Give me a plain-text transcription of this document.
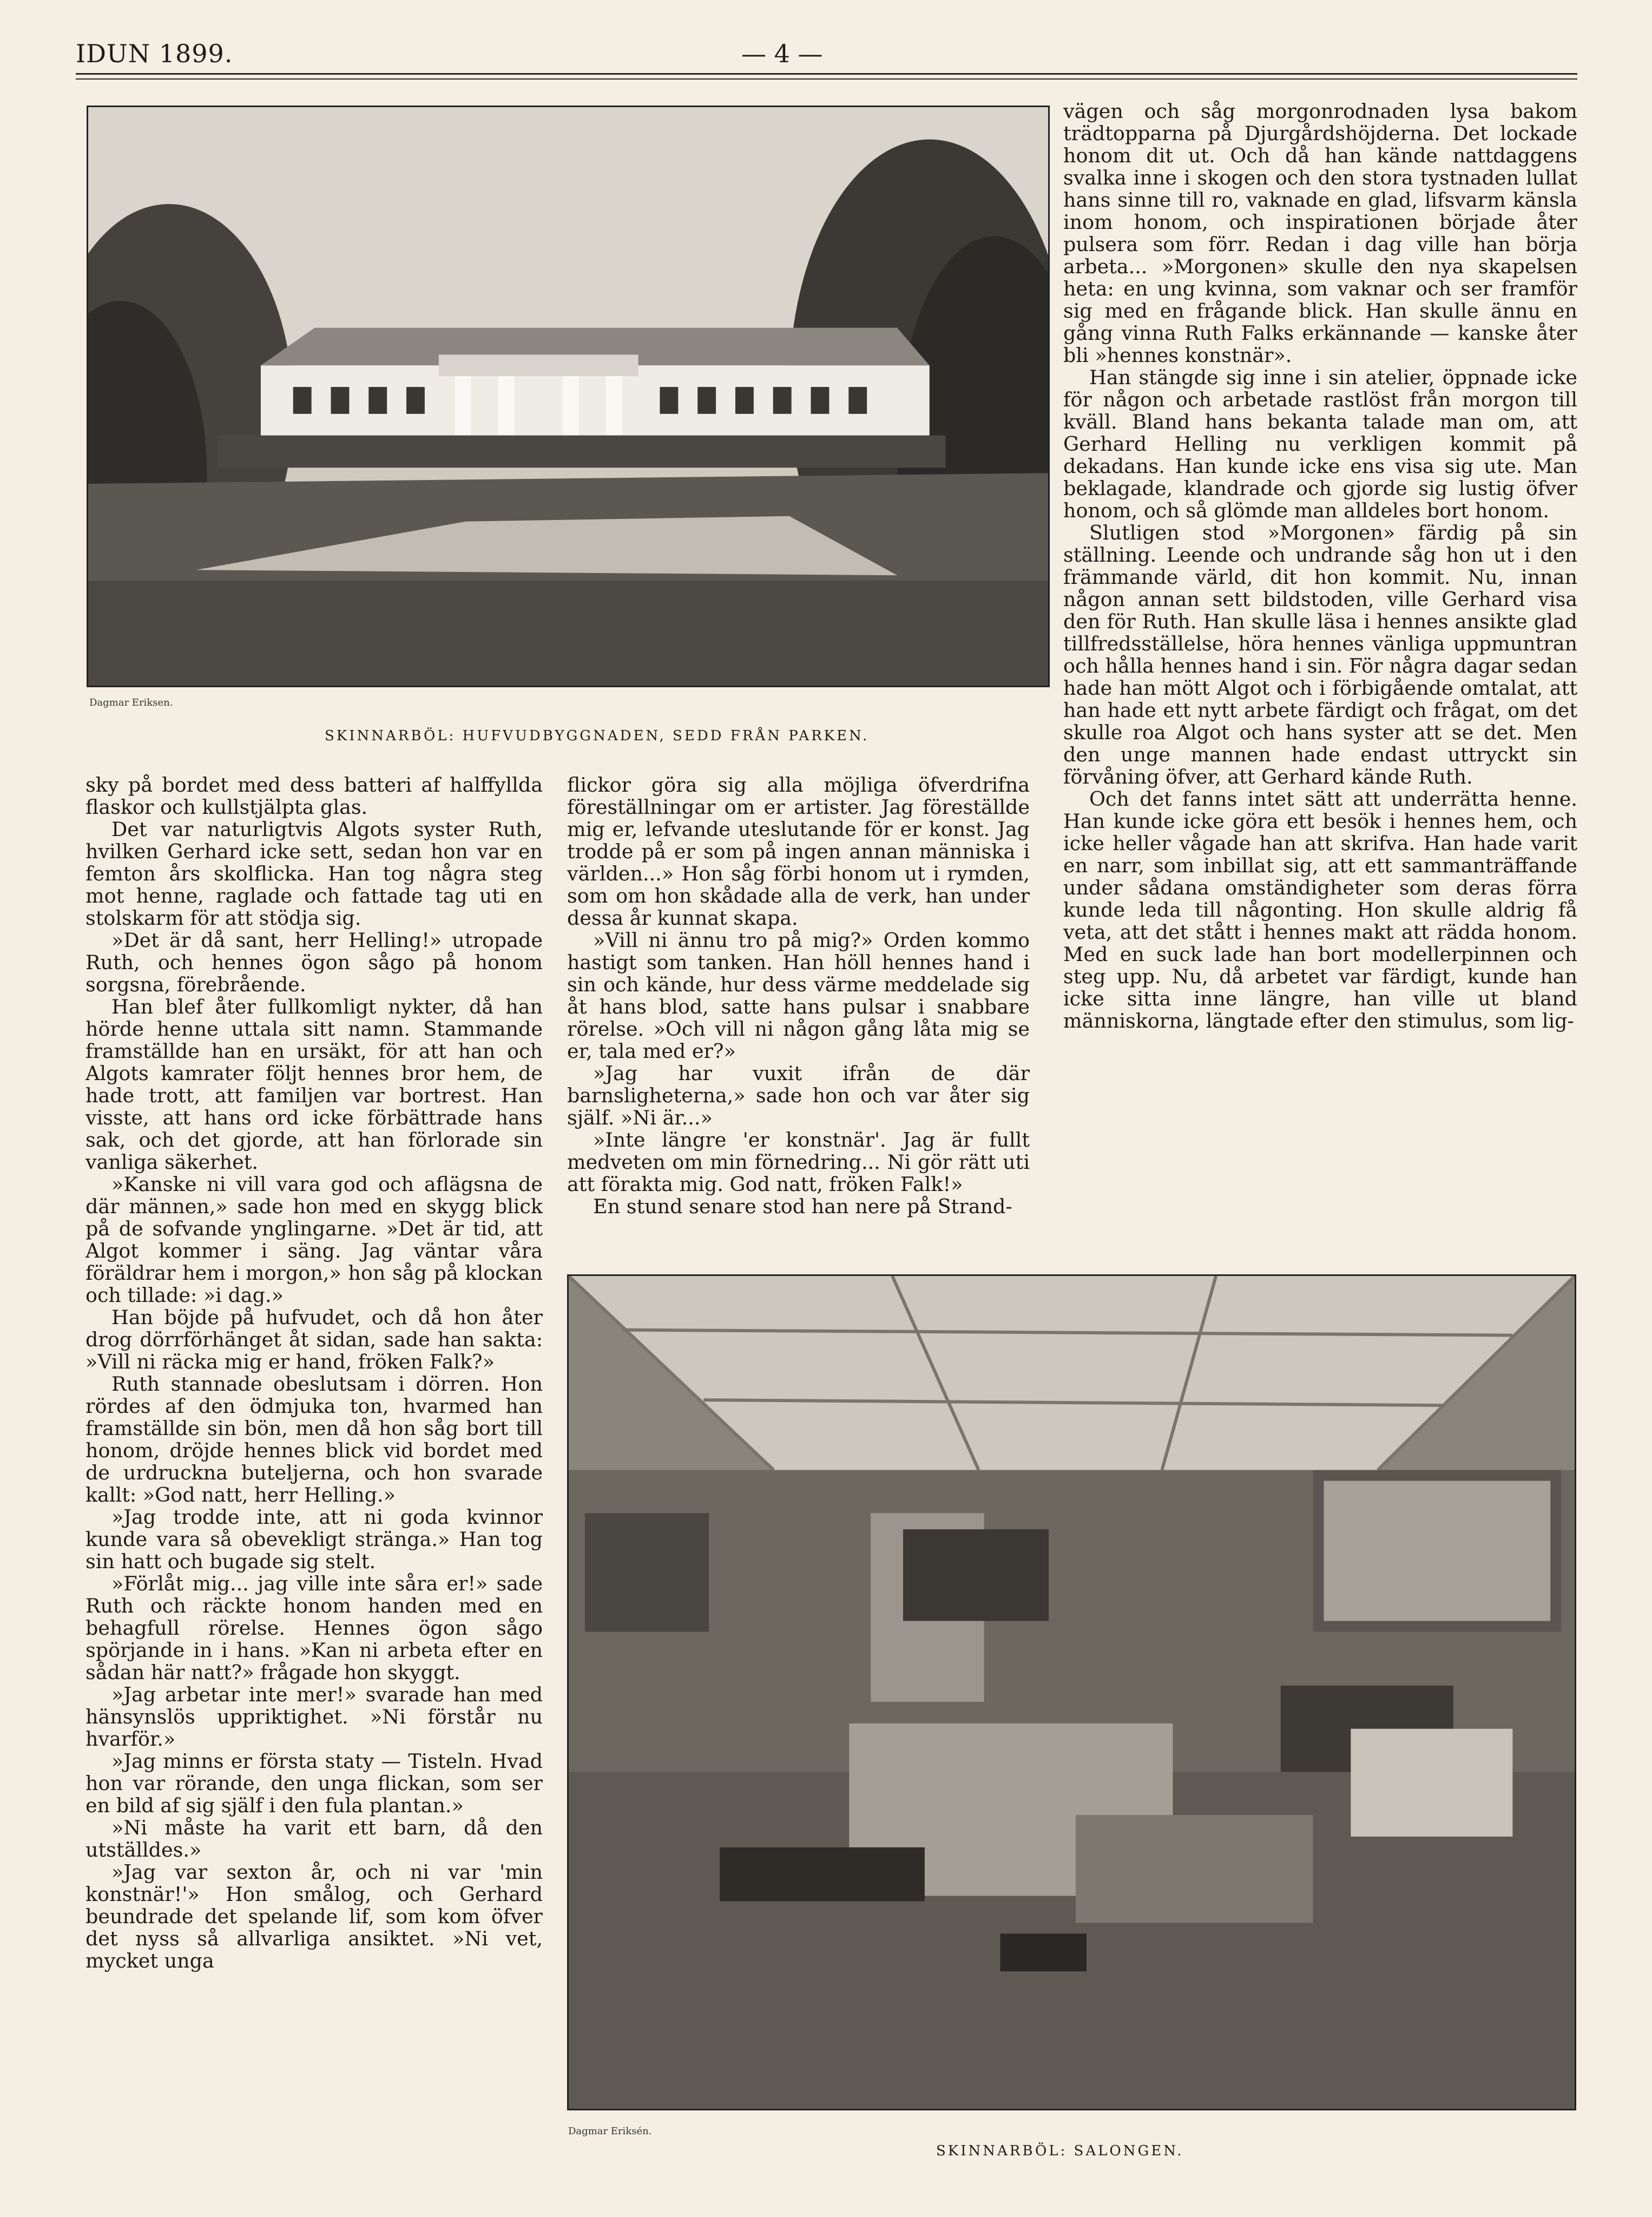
IDUN 1899.	— 4 —
Dagmar Eriksen.
SKINNARBÖL: HUFVUDBYGGNADEN, SEDD FRÅN PARKEN.

vägen och såg morgonrodnaden lysa bakom trädtopparna på Djurgårdshöjderna. Det lockade honom dit ut. Och då han kände nattdaggens svalka inne i skogen och den stora tystnaden lullat hans sinne till ro, vaknade en glad, lifsvarm känsla inom honom, och inspirationen började åter pulsera som förr. Redan i dag ville han börja arbeta... »Morgonen» skulle den nya skapelsen heta: en ung kvinna, som vaknar och ser framför sig med en frågande blick. Han skulle ännu en gång vinna Ruth Falks erkännande — kanske åter bli »hennes konstnär».

Han stängde sig inne i sin atelier, öppnade icke för någon och arbetade rastlöst från morgon till kväll. Bland hans bekanta talade man om, att Gerhard Helling nu verkligen kommit på dekadans. Han kunde icke ens visa sig ute. Man beklagade, klandrade och gjorde sig lustig öfver honom, och så glömde man alldeles bort honom.

Slutligen stod »Morgonen» färdig på sin ställning. Leende och undrande såg hon ut i den främmande värld, dit hon kommit. Nu, innan någon annan sett bildstoden, ville Gerhard visa den för Ruth. Han skulle läsa i hennes ansikte glad tillfredsställelse, höra hennes vänliga uppmuntran och hålla hennes hand i sin. För några dagar sedan hade han mött Algot och i förbigående omtalat, att han hade ett nytt arbete färdigt och frågat, om det skulle roa Algot och hans syster att se det. Men den unge mannen hade endast uttryckt sin förvåning öfver, att Gerhard kände Ruth.

Och det fanns intet sätt att underrätta henne. Han kunde icke göra ett besök i hennes hem, och icke heller vågade han att skrifva. Han hade varit en narr, som inbillat sig, att ett sammanträffande under sådana omständigheter som deras förra kunde leda till någonting. Hon skulle aldrig få veta, att det stått i hennes makt att rädda honom. Med en suck lade han bort modellerpinnen och steg upp. Nu, då arbetet var färdigt, kunde han icke sitta inne längre, han ville ut bland människorna, längtade efter den stimulus, som lig-

sky på bordet med dess batteri af halffyllda flaskor och kullstjälpta glas.

Det var naturligtvis Algots syster Ruth, hvilken Gerhard icke sett, sedan hon var en femton års skolflicka. Han tog några steg mot henne, raglade och fattade tag uti en stolskarm för att stödja sig.

»Det är då sant, herr Helling!» utropade Ruth, och hennes ögon sågo på honom sorgsna, förebrående.

Han blef åter fullkomligt nykter, då han hörde henne uttala sitt namn. Stammande framställde han en ursäkt, för att han och Algots kamrater följt hennes bror hem, de hade trott, att familjen var bortrest. Han visste, att hans ord icke förbättrade hans sak, och det gjorde, att han förlorade sin vanliga säkerhet.

»Kanske ni vill vara god och aflägsna de där männen,» sade hon med en skygg blick på de sofvande ynglingarne. »Det är tid, att Algot kommer i säng. Jag väntar våra föräldrar hem i morgon,» hon såg på klockan och tillade: »i dag.»

Han böjde på hufvudet, och då hon åter drog dörrförhänget åt sidan, sade han sakta: »Vill ni räcka mig er hand, fröken Falk?»

Ruth stannade obeslutsam i dörren. Hon rördes af den ödmjuka ton, hvarmed han framställde sin bön, men då hon såg bort till honom, dröjde hennes blick vid bordet med de urdruckna buteljerna, och hon svarade kallt: »God natt, herr Helling.»

»Jag trodde inte, att ni goda kvinnor kunde vara så obevekligt stränga.» Han tog sin hatt och bugade sig stelt.

»Förlåt mig... jag ville inte såra er!» sade Ruth och räckte honom handen med en behagfull rörelse. Hennes ögon sågo spörjande in i hans. »Kan ni arbeta efter en sådan här natt?» frågade hon skyggt.

»Jag arbetar inte mer!» svarade han med hänsynslös uppriktighet. »Ni förstår nu hvarför.»

»Jag minns er första staty — Tisteln. Hvad hon var rörande, den unga flickan, som ser en bild af sig själf i den fula plantan.»

»Ni måste ha varit ett barn, då den utställdes.»

»Jag var sexton år, och ni var 'min konstnär!'» Hon smålog, och Gerhard beundrade det spelande lif, som kom öfver det nyss så allvarliga ansiktet. »Ni vet, mycket unga

flickor göra sig alla möjliga öfverdrifna föreställningar om er artister. Jag föreställde mig er, lefvande uteslutande för er konst. Jag trodde på er som på ingen annan människa i världen...» Hon såg förbi honom ut i rymden, som om hon skådade alla de verk, han under dessa år kunnat skapa.

»Vill ni ännu tro på mig?» Orden kommo hastigt som tanken. Han höll hennes hand i sin och kände, hur dess värme meddelade sig åt hans blod, satte hans pulsar i snabbare rörelse. »Och vill ni någon gång låta mig se er, tala med er?»

»Jag har vuxit ifrån de där barnsligheterna,» sade hon och var åter sig själf. »Ni är...»

»Inte längre 'er konstnär'. Jag är fullt medveten om min förnedring... Ni gör rätt uti att förakta mig. God natt, fröken Falk!»

En stund senare stod han nere på Strand-

Dagmar Eriksén.
SKINNARBÖL: SALONGEN.
